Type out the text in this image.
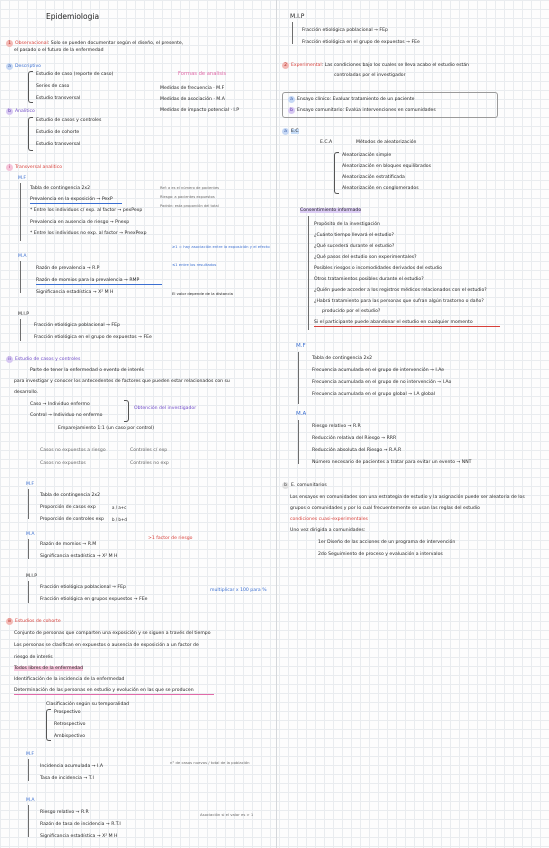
Epidemiologia
1 Observacional: Solo se pueden documentar según el diseño, el presente,
el pasado o el futuro de la enfermedad
a Descriptivo
Estudio de caso (reporte de caso)
Series de caso
Estudio transversal
Formas de analisis
Medidas de frecuencia · M.F
Medidas de asociación · M.A
Medidas de impacto potencial · I.P
b Analitico
Estudio de casos y controles
Estudio de cohorte
Estudio transversal
i Transversal analitico
M.F
Tabla de contingencia 2x2
Prevalencia en la exposición → PexP
* Entre los individuos c/ exp. al factor → pexPexp
Prevalencia en ausencia de riesgo → Pnexp
* Entre los individuos no exp. al factor → PnexPexp
Ref: a es el número de pacientes
Riesgo: a pacientes expuestos
Padrón: esta proporción del total
M.A
Razón de prevalencia → R.P
Razón de momios para la prevalencia → RMP
Significancia estadística → X² M H
≥1 = hay asociación entre la exposición y el efecto
≤1 entre los resultados
El valor depende de la distancia
M.I.P
Fracción etiológica poblacional → FEp
Fracción etiológica en el grupo de expuestos → FEe
ii Estudio de casos y controles
Parte de tener la enfermedad o evento de interés
para investigar y conocer los antecedentes de factores que pueden estar relacionados con su
desarrollo.
Caso → Individuo enfermo
Control → Individuo no enfermo
Obtención del investigador
Emparejamiento 1:1 (un caso por control)
Casos no expuestos a riesgo	Controles c/ exp
Casos no expuestos	Controles no exp
M.F
Tabla de contingencia 2x2
Proporción de casos exp
Proporción de controles exp
a / a+c
b / b+d
M.A
Razón de momios → R.M
Significancia estadística → X² M H
>1 factor de riesgo
M.I.P
Fracción etiológica poblacional → FEp
Fracción etiológica en grupos expuestos → FEe
multiplicar x 100 para %
iii Estudios de cohorte
Conjunto de personas que comparten una exposición y se siguen a través del tiempo
Los personas se clasifican en expuestos o ausencia de exposición a un factor de
riesgo de interés
Todos libres de la enfermedad
Identificación de la incidencia de la enfermedad
Determinación de las personas en estudio y evolución en las que se producen
Clasificación según su temporalidad
Prospectivo
Retrospectivo
Ambispectivo
M.F
Incidencia acumulada → I.A
Tasa de incidencia → T.I
n° de casos nuevos / total de la población
M.A
Riesgo relativo → R.R
Razón de tasa de incidencia → R.T.I
Significancia estadística → X² M H
Asociación si el valor es > 1
M.I.P
Fracción etiológica poblacional → FEp
Fracción etiológica en el grupo de expuestos → FEe
2 Experimental: Las condiciones bajo los cuales se lleva acabo el estudio están
controladas por el investigador
a Ensayo clínico: Evaluar tratamiento de un paciente
b Ensayo comunitario: Evalúa intervenciones en comunidades
a E.C
E.C.A	Métodos de aleatorización
Aleatorización simple
Aleatorización en bloques equilibrados
Aleatorización estratificada
Aleatorización en conglomerados
Consentimiento informado
Propósito de la investigación
¿Cuánto tiempo llevará el estudio?
¿Qué sucederá durante el estudio?
¿Qué pasos del estudio son experimentales?
Posibles riesgos o incomodidades derivados del estudio
Otros tratamientos posibles durante el estudio?
¿Quién puede acceder a los registros médicos relacionados con el estudio?
¿Habrá tratamiento para las personas que sufran algún trastorno o daño?
producido por el estudio?
Si el participante puede abandonar el estudio en cualquier momento
M.F
Tabla de contingencia 2x2
Frecuencia acumulada en el grupo de intervención → I.Ae
Frecuencia acumulada en el grupo de no intervención → I.Ao
Frecuencia acumulada en el grupo global → I.A global
M.A
Riesgo relativo → R.R
Reducción relativa del Riesgo → RRR
Reducción absoluta del Riesgo → R.A.R
Número necesario de pacientes a tratar para evitar un evento → NNT
b E. comunitarios
Los ensayos en comunidades son una estrategia de estudio y la asignación puede ser aleatoria de los
grupos o comunidades y por lo cual frecuentemente se usan las reglas del estudio
condiciones cuasi-experimentales
Uno vez dirigida a comunidades:
1er Diseño de las acciones de un programa de intervención
2do Seguimiento de proceso y evaluación a intervalos
